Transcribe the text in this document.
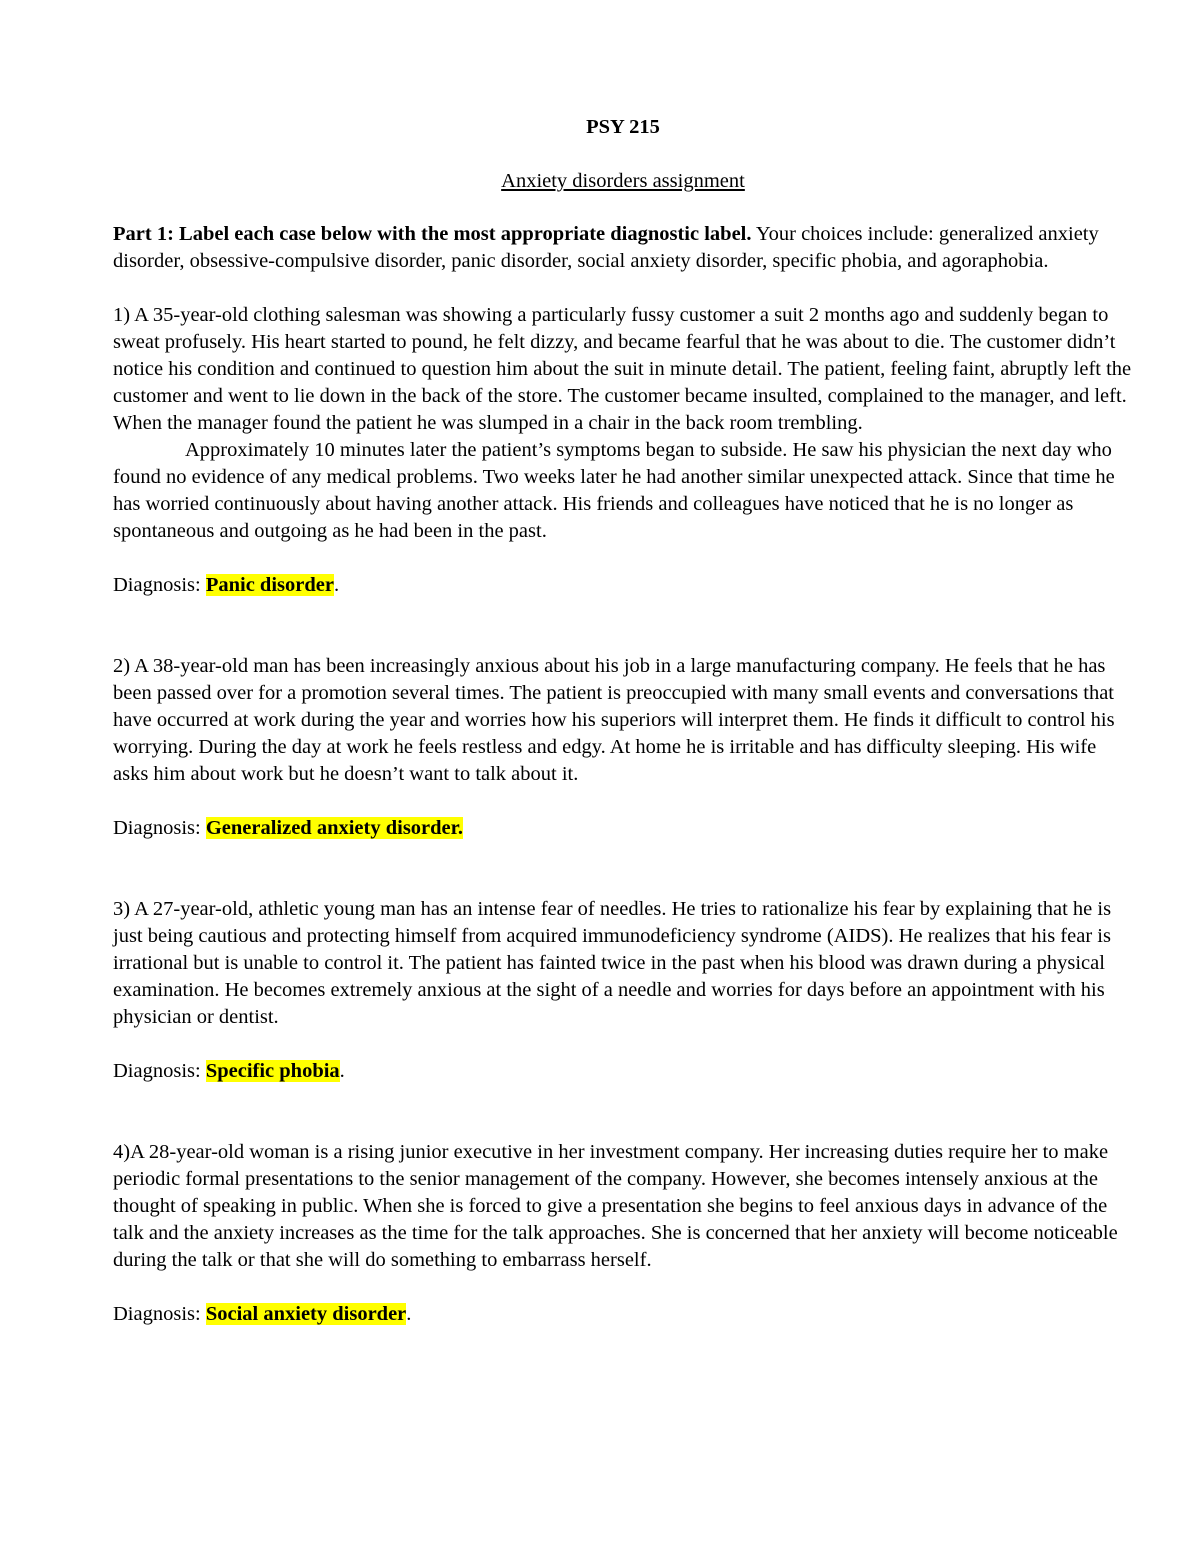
PSY 215

Anxiety disorders assignment

Part 1: Label each case below with the most appropriate diagnostic label. Your choices include: generalized anxiety disorder, obsessive-compulsive disorder, panic disorder, social anxiety disorder, specific phobia, and agoraphobia.

1) A 35-year-old clothing salesman was showing a particularly fussy customer a suit 2 months ago and suddenly began to sweat profusely. His heart started to pound, he felt dizzy, and became fearful that he was about to die. The customer didn’t notice his condition and continued to question him about the suit in minute detail. The patient, feeling faint, abruptly left the customer and went to lie down in the back of the store. The customer became insulted, complained to the manager, and left. When the manager found the patient he was slumped in a chair in the back room trembling.

Approximately 10 minutes later the patient’s symptoms began to subside. He saw his physician the next day who found no evidence of any medical problems. Two weeks later he had another similar unexpected attack. Since that time he has worried continuously about having another attack. His friends and colleagues have noticed that he is no longer as spontaneous and outgoing as he had been in the past.

Diagnosis: Panic disorder.

2) A 38-year-old man has been increasingly anxious about his job in a large manufacturing company. He feels that he has been passed over for a promotion several times. The patient is preoccupied with many small events and conversations that have occurred at work during the year and worries how his superiors will interpret them. He finds it difficult to control his worrying. During the day at work he feels restless and edgy. At home he is irritable and has difficulty sleeping. His wife asks him about work but he doesn’t want to talk about it.

Diagnosis: Generalized anxiety disorder.

3) A 27-year-old, athletic young man has an intense fear of needles. He tries to rationalize his fear by explaining that he is just being cautious and protecting himself from acquired immunodeficiency syndrome (AIDS). He realizes that his fear is irrational but is unable to control it. The patient has fainted twice in the past when his blood was drawn during a physical examination. He becomes extremely anxious at the sight of a needle and worries for days before an appointment with his physician or dentist.

Diagnosis: Specific phobia.

4)A 28-year-old woman is a rising junior executive in her investment company. Her increasing duties require her to make periodic formal presentations to the senior management of the company. However, she becomes intensely anxious at the thought of speaking in public. When she is forced to give a presentation she begins to feel anxious days in advance of the talk and the anxiety increases as the time for the talk approaches. She is concerned that her anxiety will become noticeable during the talk or that she will do something to embarrass herself.

Diagnosis: Social anxiety disorder.
